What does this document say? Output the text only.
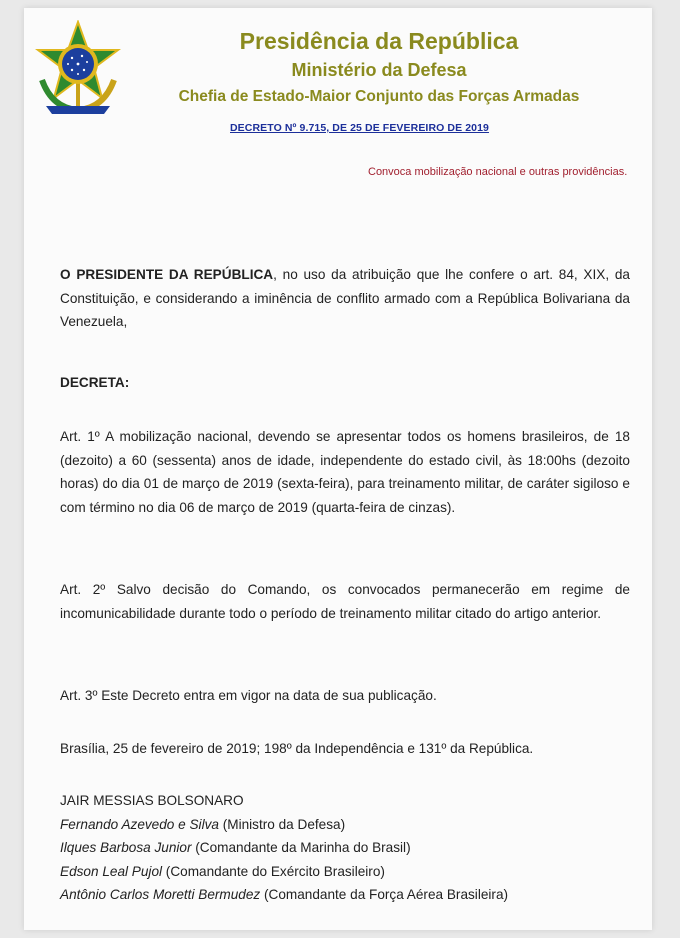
Presidência da República

Ministério da Defesa

Chefia de Estado-Maior Conjunto das Forças Armadas

DECRETO Nº 9.715, DE 25 DE FEVEREIRO DE 2019
Convoca mobilização nacional e outras providências.

O PRESIDENTE DA REPÚBLICA, no uso da atribuição que lhe confere o art. 84, XIX, da Constituição, e considerando a iminência de conflito armado com a República Bolivariana da Venezuela,

DECRETA:

Art. 1º A mobilização nacional, devendo se apresentar todos os homens brasileiros, de 18 (dezoito) a 60 (sessenta) anos de idade, independente do estado civil, às 18:00hs (dezoito horas) do dia 01 de março de 2019 (sexta-feira), para treinamento militar, de caráter sigiloso e com término no dia 06 de março de 2019 (quarta-feira de cinzas).

Art. 2º Salvo decisão do Comando, os convocados permanecerão em regime de incomunicabilidade durante todo o período de treinamento militar citado do artigo anterior.

Art. 3º Este Decreto entra em vigor na data de sua publicação.

Brasília, 25 de fevereiro de 2019; 198º da Independência e 131º da República.

JAIR MESSIAS BOLSONARO
Fernando Azevedo e Silva (Ministro da Defesa)
Ilques Barbosa Junior (Comandante da Marinha do Brasil)
Edson Leal Pujol (Comandante do Exército Brasileiro)
Antônio Carlos Moretti Bermudez (Comandante da Força Aérea Brasileira)
